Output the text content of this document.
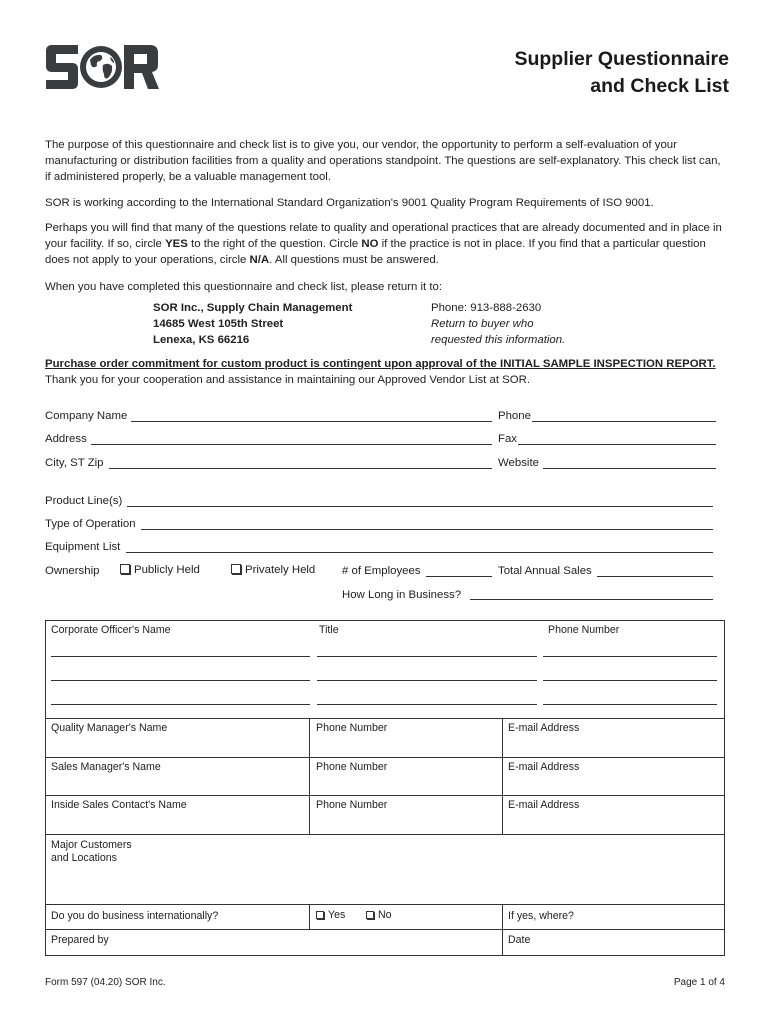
Supplier Questionnaire
and Check List
The purpose of this questionnaire and check list is to give you, our vendor, the opportunity to perform a self-evaluation of your manufacturing or distribution facilities from a quality and operations standpoint. The questions are self-explanatory. This check list can, if administered properly, be a valuable management tool.
SOR is working according to the International Standard Organization's 9001 Quality Program Requirements of ISO 9001.
Perhaps you will find that many of the questions relate to quality and operational practices that are already documented and in place in your facility. If so, circle YES to the right of the question. Circle NO if the practice is not in place. If you find that a particular question does not apply to your operations, circle N/A. All questions must be answered.
When you have completed this questionnaire and check list, please return it to:
SOR Inc., Supply Chain Management
14685 West 105th Street
Lenexa, KS 66216
Phone: 913-888-2630
Return to buyer who
requested this information.
Purchase order commitment for custom product is contingent upon approval of the INITIAL SAMPLE INSPECTION REPORT.
Thank you for your cooperation and assistance in maintaining our Approved Vendor List at SOR.
Company Name	Phone
Address	Fax
City, ST Zip	Website
Product Line(s)
Type of Operation
Equipment List
Ownership	Publicly Held	Privately Held # of Employees	Total Annual Sales
How Long in Business?
Corporate Officer's Name	Title	Phone Number
Quality Manager's Name	Phone Number	E-mail Address
Sales Manager's Name	Phone Number	E-mail Address
Inside Sales Contact's Name	Phone Number	E-mail Address
Major Customers
and Locations
Do you do business internationally?	Yes	No	If yes, where?
Prepared by	Date
Form 597 (04.20) SOR Inc.	Page 1 of 4
